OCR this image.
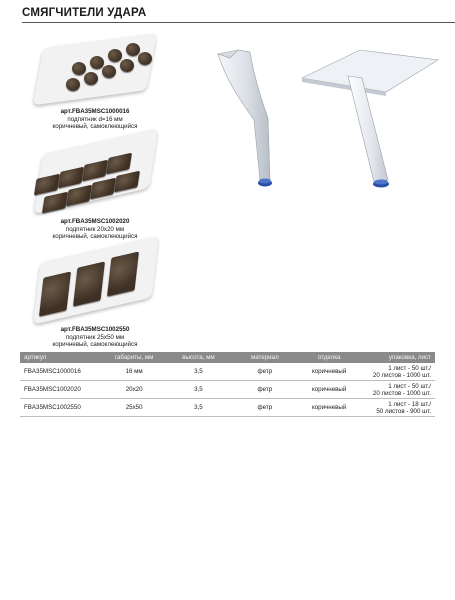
СМЯГЧИТЕЛИ УДАРА
арт.FBA35MSC1000016
подпятник d=16 мм
коричневый, самоклеющийся
арт.FBA35MSC1002020
подпятник 20х20 мм
коричневый, самоклеющийся
арт.FBA35MSC1002550
подпятник 25х50 мм
коричневый, самоклеющийся
артикул	габариты, мм	высота, мм	материал	отделка	упаковка, лист
FBA35MSC1000016	16 мм	3,5	фетр	коричневый	1 лист - 50 шт./
20 листов - 1000 шт.

FBA35MSC1002020	20х20	3,5	фетр	коричневый	1 лист - 50 шт./
20 листов - 1000 шт.

FBA35MSC1002550	25х50	3,5	фетр	коричневый	1 лист - 18 шт./
50 листов - 900 шт.
